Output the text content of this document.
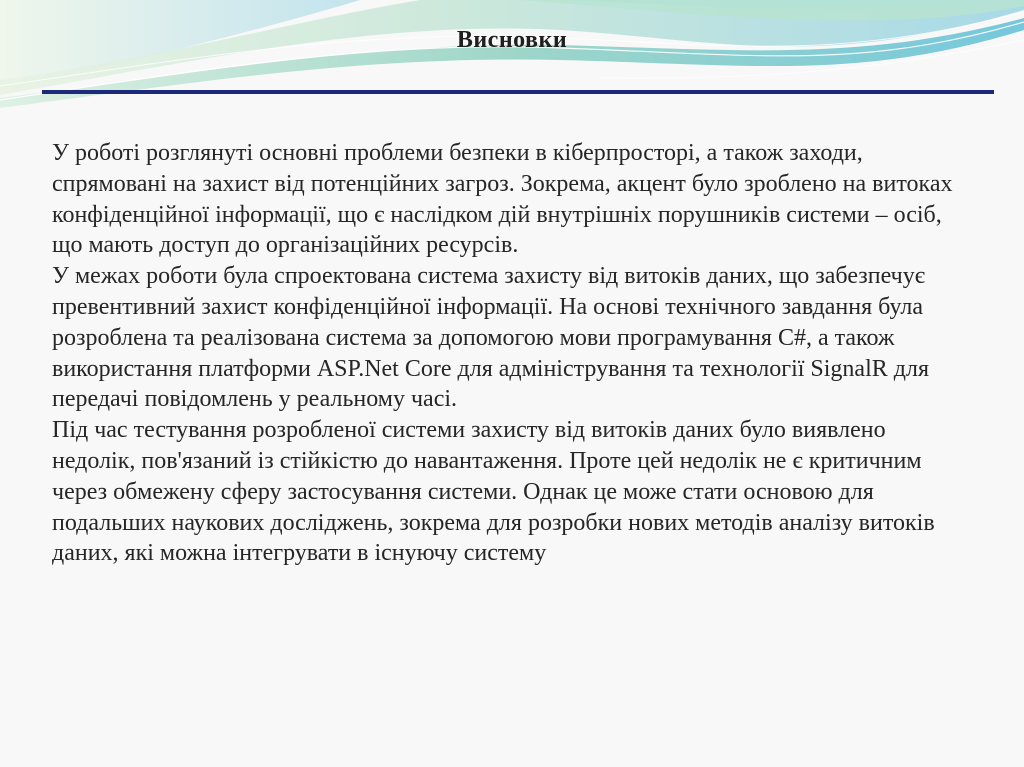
Висновки

У роботі розглянуті основні проблеми безпеки в кіберпросторі, а також заходи, спрямовані на захист від потенційних загроз. Зокрема, акцент було зроблено на витоках конфіденційної інформації, що є наслідком дій внутрішніх порушників системи – осіб, що мають доступ до організаційних ресурсів.

У межах роботи була спроектована система захисту від витоків даних, що забезпечує превентивний захист конфіденційної інформації. На основі технічного завдання була розроблена та реалізована система за допомогою мови програмування C#, а також використання платформи ASP.Net Core для адміністрування та технології SignalR для передачі повідомлень у реальному часі.

Під час тестування розробленої системи захисту від витоків даних було виявлено недолік, пов'язаний із стійкістю до навантаження. Проте цей недолік не є критичним через обмежену сферу застосування системи. Однак це може стати основою для подальших наукових досліджень, зокрема для розробки нових методів аналізу витоків даних, які можна інтегрувати в існуючу систему
